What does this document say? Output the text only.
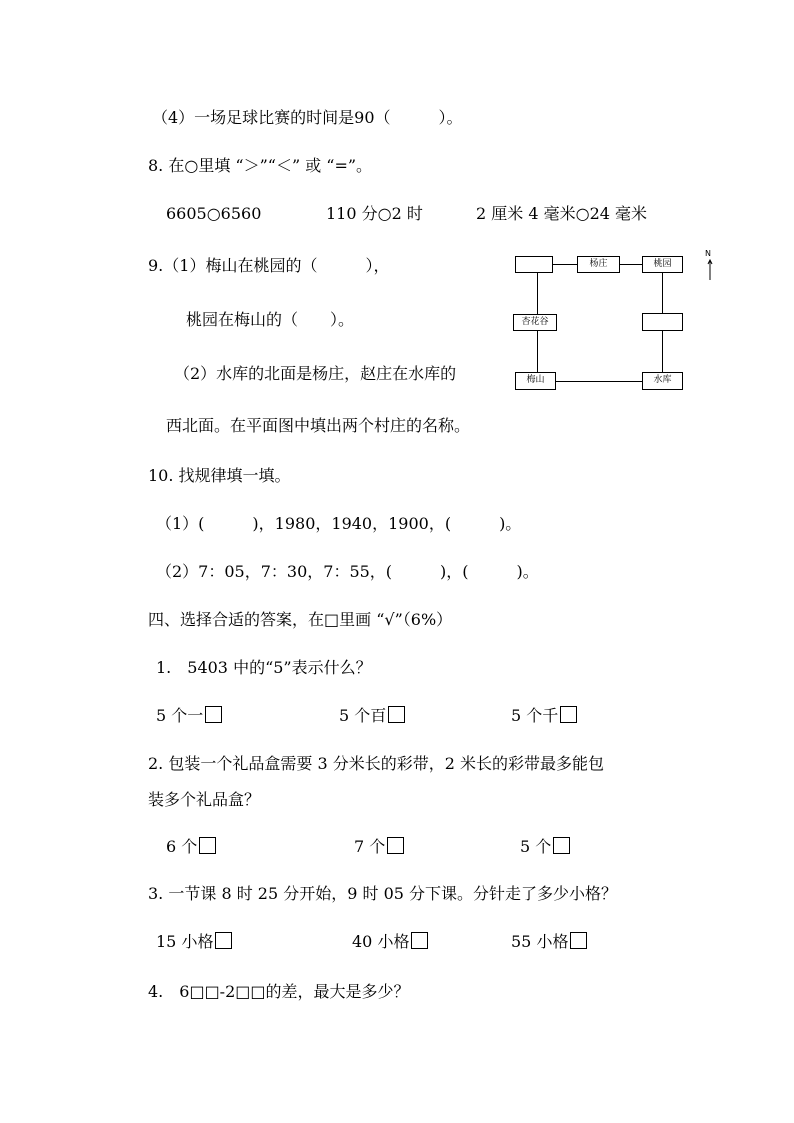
（4）一场足球比赛的时间是90（　　　）。
8. 在○里填 “＞”“＜” 或 “=”。
6605○6560	110 分○2 时	2 厘米 4 毫米○24 毫米
9.（1）梅山在桃园的（　　　），
桃园在梅山的（　　）。
（2）水库的北面是杨庄，赵庄在水库的
西北面。在平面图中填出两个村庄的名称。
杨庄	桃园
杏花谷
梅山	水库
N
10. 找规律填一填。
（1）(　　　)，1980，1940，1900，(　　　)。
（2）7：05，7：30，7：55，(　　　)，(　　　)。
四、选择合适的答案，在□里画 “√”（6%）
1.　5403 中的“5”表示什么？
5 个一	5 个百	5 个千
2. 包装一个礼品盒需要 3 分米长的彩带，2 米长的彩带最多能包
装多个礼品盒？
6 个	7 个	5 个
3. 一节课 8 时 25 分开始，9 时 05 分下课。分针走了多少小格？
15 小格	40 小格	55 小格
4.　6□□-2□□的差，最大是多少？
